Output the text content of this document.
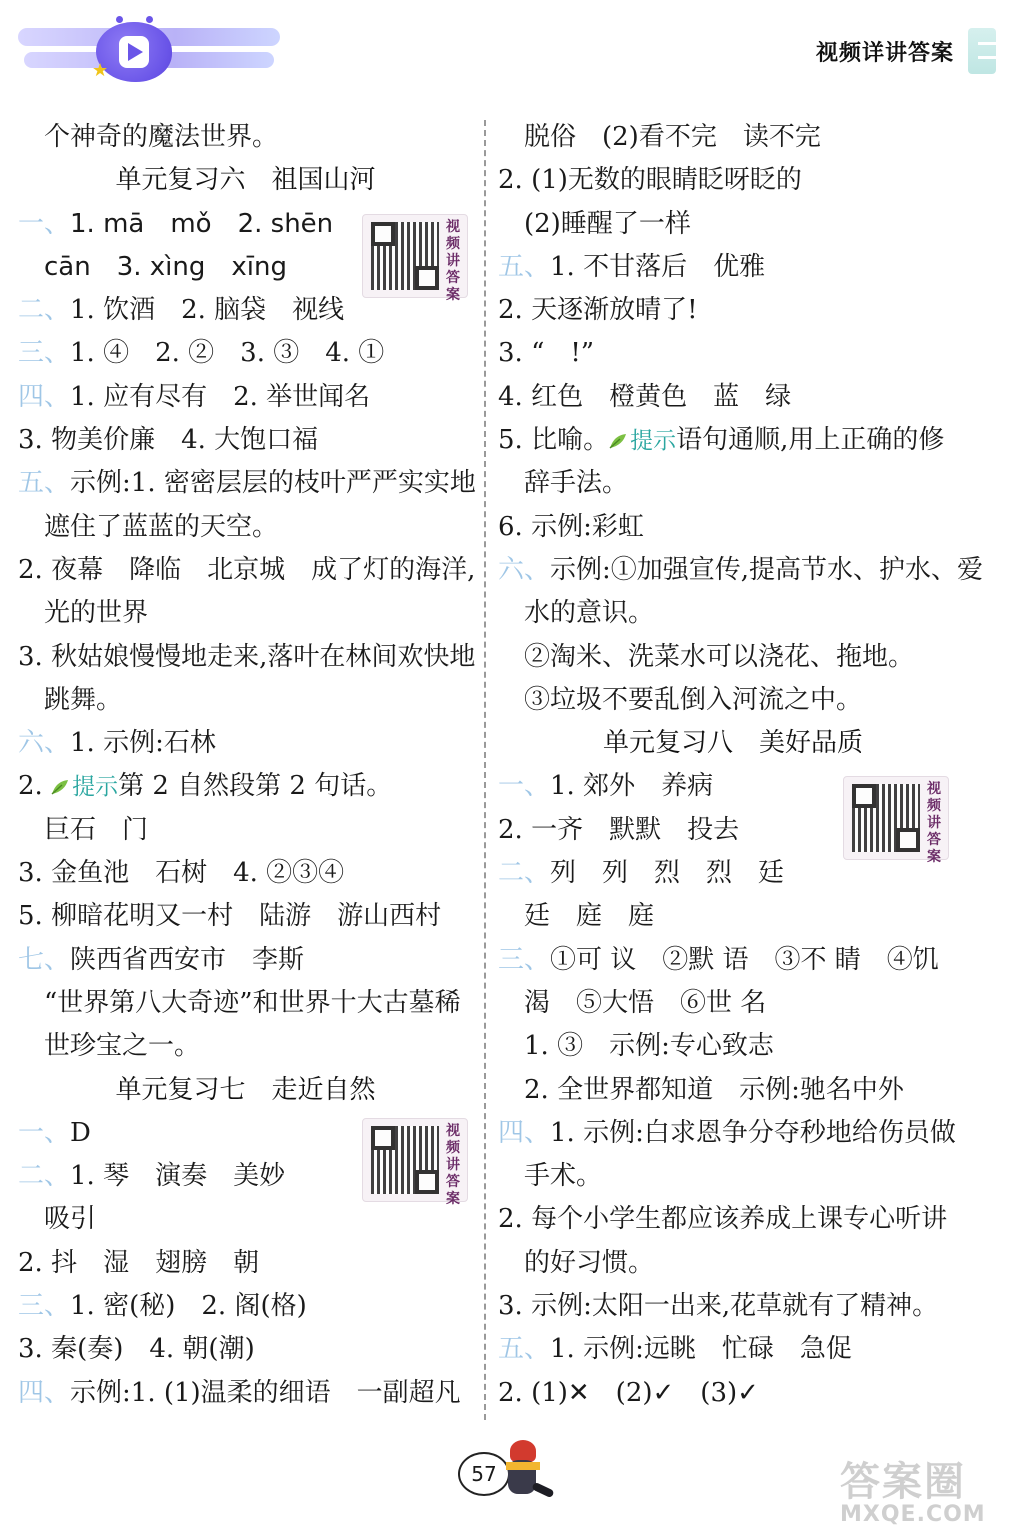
★
视频详讲答案
个神奇的魔法世界。
单元复习六　祖国山河
一、1. mā　mǒ　2. shēn
cān　3. xìng　xīng
二、1. 饮酒　2. 脑袋　视线
三、1. ④　2. ②　3. ③　4. ①
四、1. 应有尽有　2. 举世闻名
3. 物美价廉　4. 大饱口福
五、示例:1. 密密层层的枝叶严严实实地
遮住了蓝蓝的天空。
2. 夜幕　降临　北京城　成了灯的海洋,
光的世界
3. 秋姑娘慢慢地走来,落叶在林间欢快地
跳舞。
六、1. 示例:石林
2. 提示第 2 自然段第 2 句话。
巨石　门
3. 金鱼池　石树　4. ②③④
5. 柳暗花明又一村　陆游　游山西村
七、陕西省西安市　李斯
“世界第八大奇迹”和世界十大古墓稀
世珍宝之一。
单元复习七　走近自然
一、D
二、1. 琴　演奏　美妙
吸引
2. 抖　湿　翅膀　朝
三、1. 密(秘)　2. 阁(格)
3. 秦(奏)　4. 朝(潮)
四、示例:1. (1)温柔的细语　一副超凡
视频讲答案
视频讲答案
视频讲答案
脱俗　(2)看不完　读不完
2. (1)无数的眼睛眨呀眨的
(2)睡醒了一样
五、1. 不甘落后　优雅
2. 天逐渐放晴了!
3. “　!”
4. 红色　橙黄色　蓝　绿
5. 比喻。 提示语句通顺,用上正确的修
辞手法。
6. 示例:彩虹
六、示例:①加强宣传,提高节水、护水、爱
水的意识。
②淘米、洗菜水可以浇花、拖地。
③垃圾不要乱倒入河流之中。
单元复习八　美好品质
一、1. 郊外　养病
2. 一齐　默默　投去
二、列　列　烈　烈　廷
廷　庭　庭
三、①可 议　②默 语　③不 睛　④饥
渴　⑤大悟　⑥世 名
1. ③　示例:专心致志
2. 全世界都知道　示例:驰名中外
四、1. 示例:白求恩争分夺秒地给伤员做
手术。
2. 每个小学生都应该养成上课专心听讲
的好习惯。
3. 示例:太阳一出来,花草就有了精神。
五、1. 示例:远眺　忙碌　急促
2. (1)✕　(2)✓　(3)✓
57	答案圈
MXQE.COM
